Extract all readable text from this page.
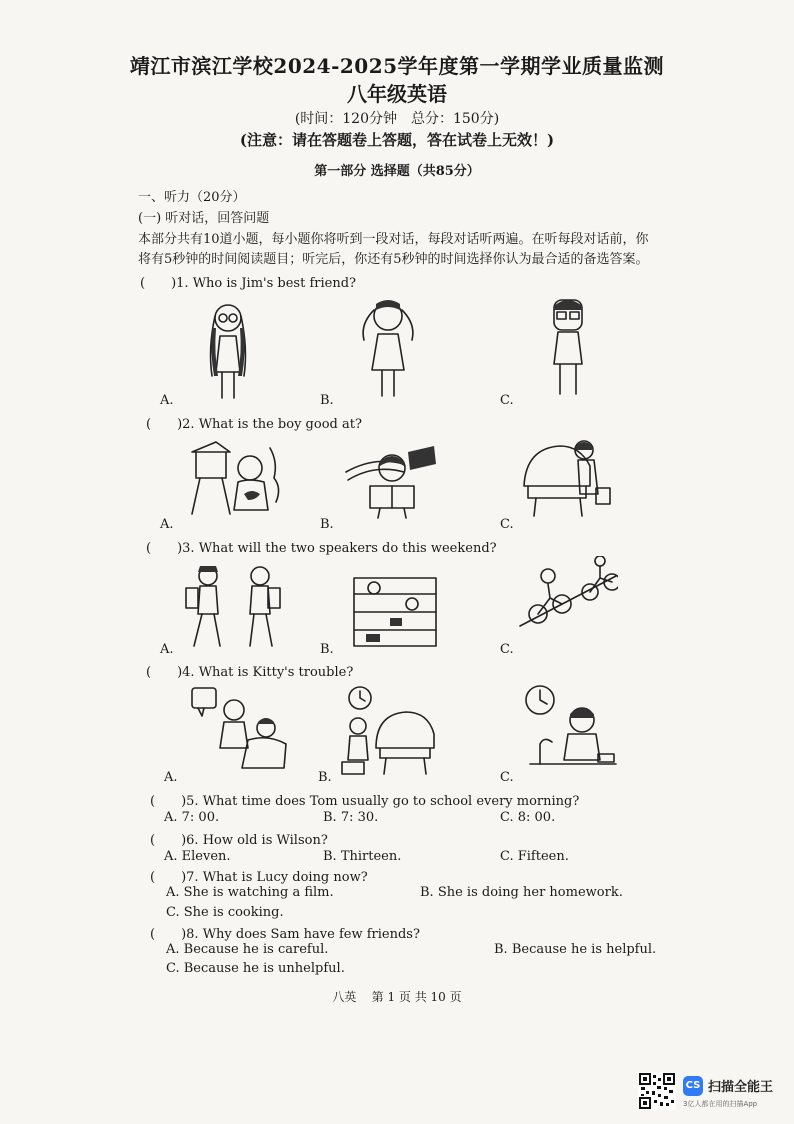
靖江市滨江学校2024-2025学年度第一学期学业质量监测
八年级英语
(时间：120分钟　总分：150分)
(注意：请在答题卷上答题，答在试卷上无效！)
第一部分 选择题（共85分）
一、听力（20分）
(一) 听对话，回答问题
本部分共有10道小题，每小题你将听到一段对话，每段对话听两遍。在听每段对话前，你
将有5秒钟的时间阅读题目；听完后，你还有5秒钟的时间选择你认为最合适的备选答案。
(　　)1. Who is Jim's best friend?
A.	B.	C.
(　　)2. What is the boy good at?
A.	B.	C.
(　　)3. What will the two speakers do this weekend?
A.	B.	C.
(　　)4. What is Kitty's trouble?
A.	B.	C.
(　　)5. What time does Tom usually go to school every morning?
A. 7: 00.	B. 7: 30.	C. 8: 00.
(　　)6. How old is Wilson?
A. Eleven.	B. Thirteen.	C. Fifteen.
(　　)7. What is Lucy doing now?
A. She is watching a film.	B. She is doing her homework.
C. She is cooking.
(　　)8. Why does Sam have few friends?
A. Because he is careful.	B. Because he is helpful.
C. Because he is unhelpful.
八英 第 1 页 共 10 页
CS 扫描全能王
3亿人都在用的扫描App
